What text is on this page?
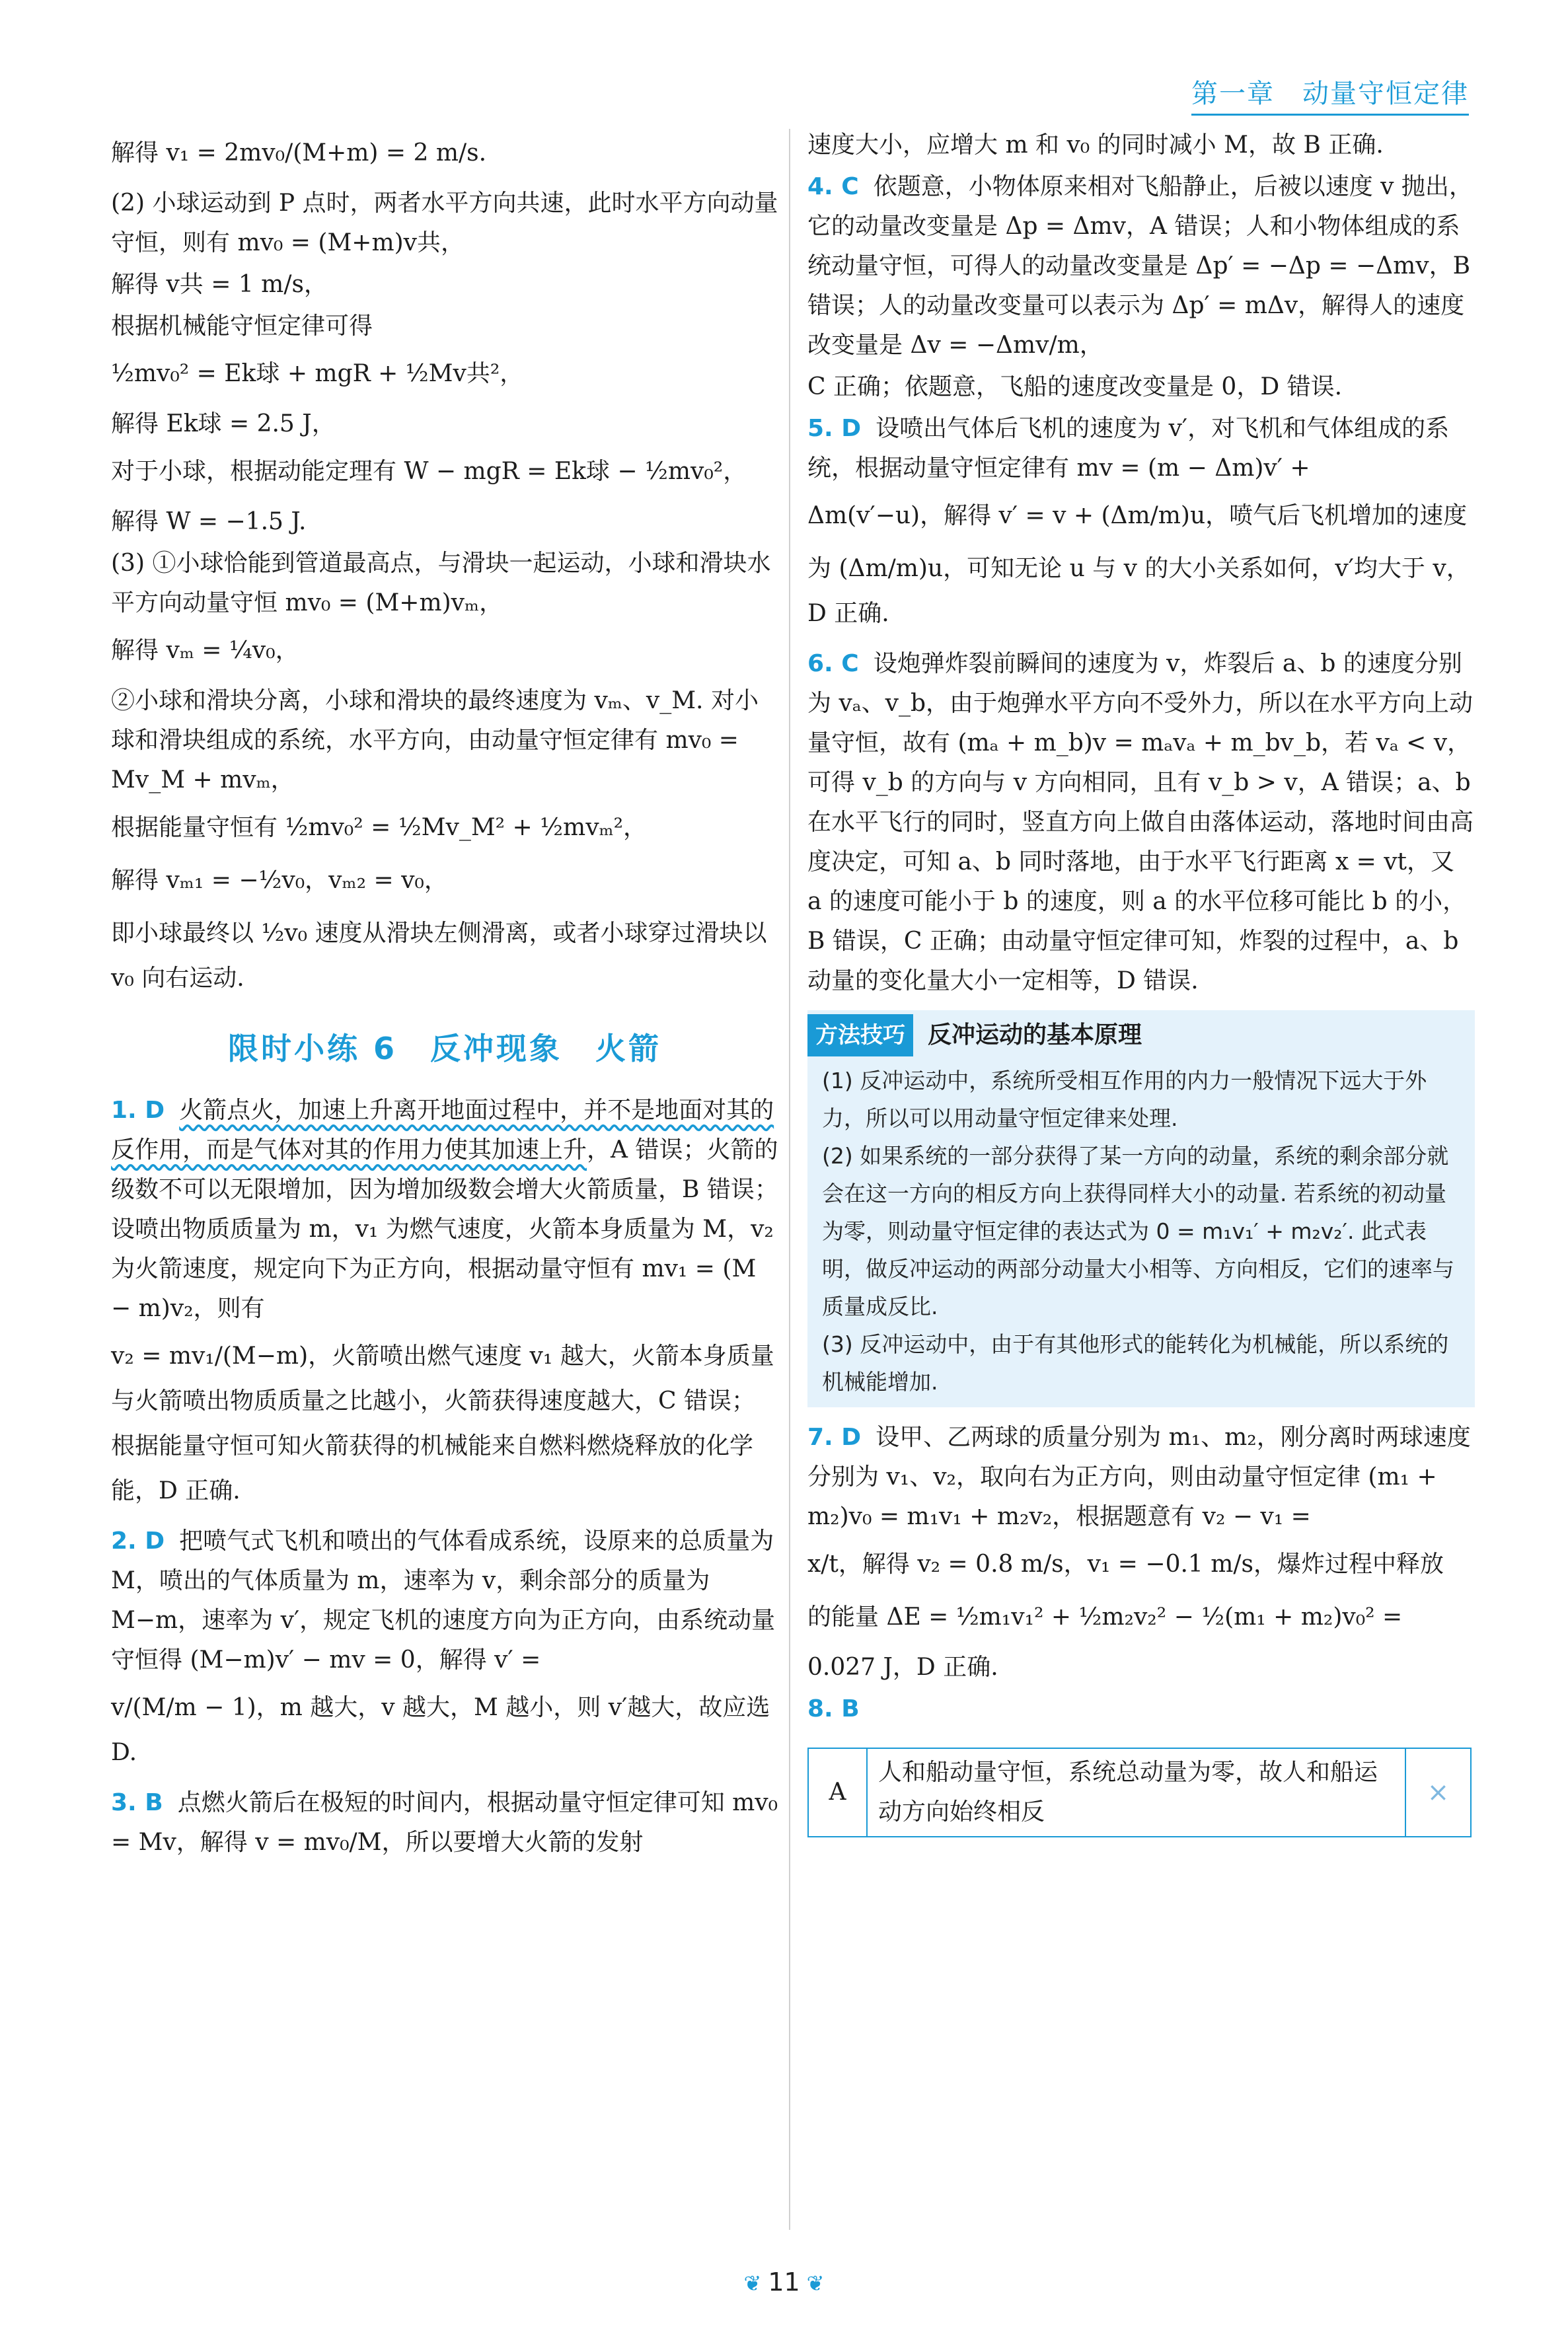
第一章　动量守恒定律

解得 v₁ = 2mv₀/(M+m) = 2 m/s.

(2) 小球运动到 P 点时，两者水平方向共速，此时水平方向动量守恒，则有 mv₀ = (M+m)v共，

解得 v共 = 1 m/s，

根据机械能守恒定律可得

½mv₀² = Ek球 + mgR + ½Mv共²，

解得 Ek球 = 2.5 J，

对于小球，根据动能定理有 W − mgR = Ek球 − ½mv₀²，

解得 W = −1.5 J.

(3) ①小球恰能到管道最高点，与滑块一起运动，小球和滑块水平方向动量守恒 mv₀ = (M+m)vₘ，

解得 vₘ = ¼v₀，

②小球和滑块分离，小球和滑块的最终速度为 vₘ、v_M. 对小球和滑块组成的系统，水平方向，由动量守恒定律有 mv₀ = Mv_M + mvₘ，

根据能量守恒有 ½mv₀² = ½Mv_M² + ½mvₘ²，

解得 vₘ₁ = −½v₀，vₘ₂ = v₀，

即小球最终以 ½v₀ 速度从滑块左侧滑离，或者小球穿过滑块以 v₀ 向右运动.

限时小练 6　反冲现象　火箭

1. D 火箭点火，加速上升离开地面过程中，并不是地面对其的反作用，而是气体对其的作用力使其加速上升，A 错误；火箭的级数不可以无限增加，因为增加级数会增大火箭质量，B 错误；设喷出物质质量为 m，v₁ 为燃气速度，火箭本身质量为 M，v₂ 为火箭速度，规定向下为正方向，根据动量守恒有 mv₁ = (M − m)v₂，则有

v₂ = mv₁/(M−m)，火箭喷出燃气速度 v₁ 越大，火箭本身质量与火箭喷出物质质量之比越小，火箭获得速度越大，C 错误；根据能量守恒可知火箭获得的机械能来自燃料燃烧释放的化学能，D 正确.

2. D 把喷气式飞机和喷出的气体看成系统，设原来的总质量为 M，喷出的气体质量为 m，速率为 v，剩余部分的质量为 M−m，速率为 v′，规定飞机的速度方向为正方向，由系统动量守恒得 (M−m)v′ − mv = 0，解得 v′ =

v/(M/m − 1)，m 越大，v 越大，M 越小，则 v′越大，故应选 D.

3. B 点燃火箭后在极短的时间内，根据动量守恒定律可知 mv₀ = Mv，解得 v = mv₀/M，所以要增大火箭的发射

速度大小，应增大 m 和 v₀ 的同时减小 M，故 B 正确.

4. C 依题意，小物体原来相对飞船静止，后被以速度 v 抛出，它的动量改变量是 Δp = Δmv，A 错误；人和小物体组成的系统动量守恒，可得人的动量改变量是 Δp′ = −Δp = −Δmv，B 错误；人的动量改变量可以表示为 Δp′ = mΔv，解得人的速度改变量是 Δv = −Δmv/m，

C 正确；依题意，飞船的速度改变量是 0，D 错误.

5. D 设喷出气体后飞机的速度为 v′，对飞机和气体组成的系统，根据动量守恒定律有 mv = (m − Δm)v′ +

Δm(v′−u)，解得 v′ = v + (Δm/m)u，喷气后飞机增加的速度

为 (Δm/m)u，可知无论 u 与 v 的大小关系如何，v′均大于 v，D 正确.

6. C 设炮弹炸裂前瞬间的速度为 v，炸裂后 a、b 的速度分别为 vₐ、v_b，由于炮弹水平方向不受外力，所以在水平方向上动量守恒，故有 (mₐ + m_b)v = mₐvₐ + m_bv_b，若 vₐ < v，可得 v_b 的方向与 v 方向相同，且有 v_b > v，A 错误；a、b 在水平飞行的同时，竖直方向上做自由落体运动，落地时间由高度决定，可知 a、b 同时落地，由于水平飞行距离 x = vt，又 a 的速度可能小于 b 的速度，则 a 的水平位移可能比 b 的小，B 错误，C 正确；由动量守恒定律可知，炸裂的过程中，a、b 动量的变化量大小一定相等，D 错误.

方法技巧 反冲运动的基本原理

(1) 反冲运动中，系统所受相互作用的内力一般情况下远大于外力，所以可以用动量守恒定律来处理.

(2) 如果系统的一部分获得了某一方向的动量，系统的剩余部分就会在这一方向的相反方向上获得同样大小的动量. 若系统的初动量为零，则动量守恒定律的表达式为 0 = m₁v₁′ + m₂v₂′. 此式表明，做反冲运动的两部分动量大小相等、方向相反，它们的速率与质量成反比.

(3) 反冲运动中，由于有其他形式的能转化为机械能，所以系统的机械能增加.

7. D 设甲、乙两球的质量分别为 m₁、m₂，刚分离时两球速度分别为 v₁、v₂，取向右为正方向，则由动量守恒定律 (m₁ + m₂)v₀ = m₁v₁ + m₂v₂，根据题意有 v₂ − v₁ =

x/t，解得 v₂ = 0.8 m/s，v₁ = −0.1 m/s，爆炸过程中释放

的能量 ΔE = ½m₁v₁² + ½m₂v₂² − ½(m₁ + m₂)v₀² =

0.027 J，D 正确.

8. B

A	人和船动量守恒，系统总动量为零，故人和船运动方向始终相反	×
❦ 11 ❦
